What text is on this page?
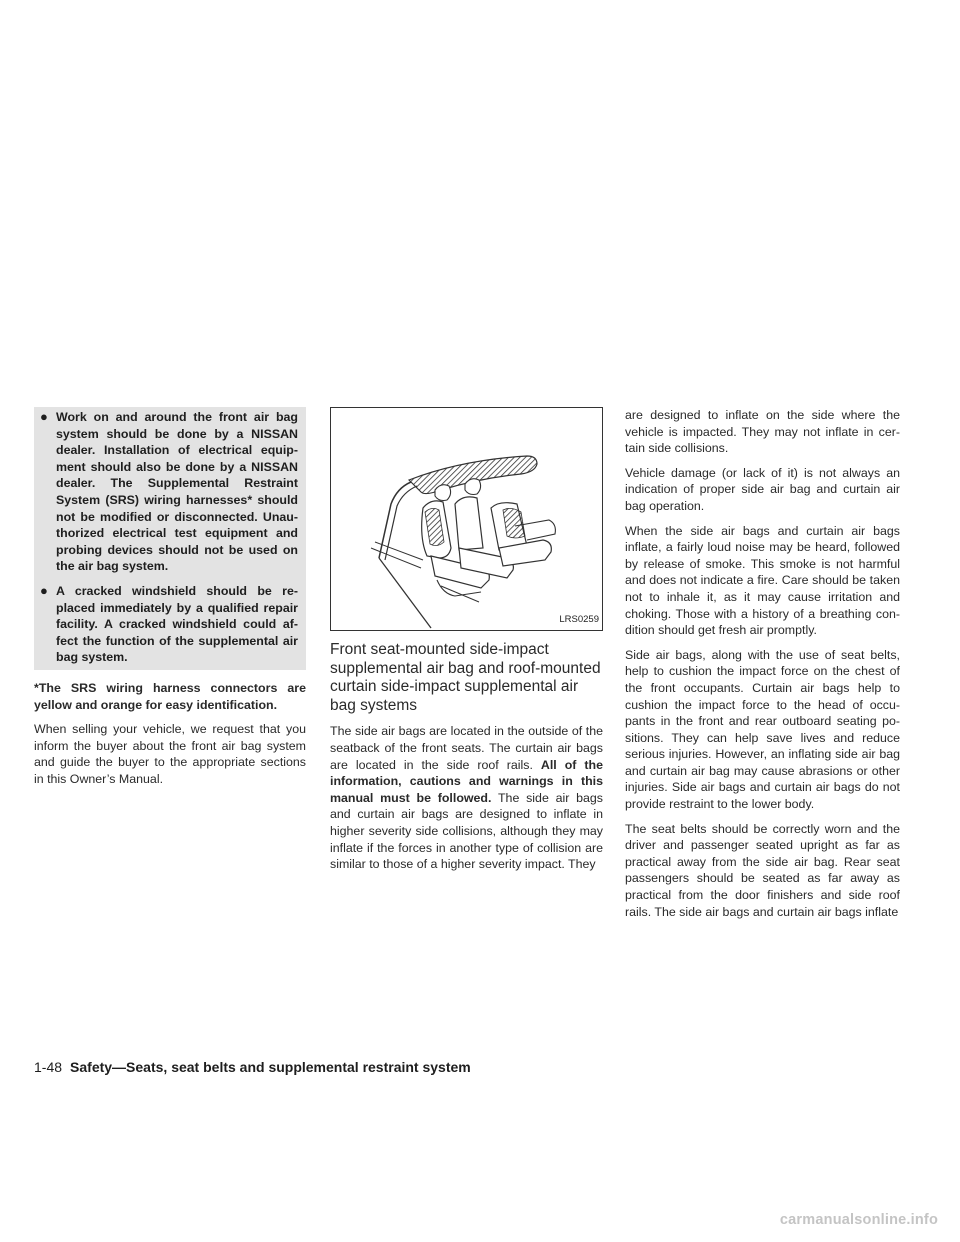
● Work on and around the front air bag system should be done by a NISSAN dealer. Installation of electrical equip-ment should also be done by a NISSAN dealer. The Supplemental Restraint System (SRS) wiring harnesses* should not be modified or disconnected. Unau-thorized electrical test equipment and probing devices should not be used on the air bag system.
● A cracked windshield should be re-placed immediately by a qualified repair facility. A cracked windshield could af-fect the function of the supplemental air bag system.

*The SRS wiring harness connectors are yellow and orange for easy identification.

When selling your vehicle, we request that you inform the buyer about the front air bag system and guide the buyer to the appropriate sections in this Owner’s Manual.

LRS0259
Front seat-mounted side-impact supplemental air bag and roof-mounted curtain side-impact supplemental air bag systems

The side air bags are located in the outside of the seatback of the front seats. The curtain air bags are located in the side roof rails. All of the information, cautions and warnings in this manual must be followed. The side air bags and curtain air bags are designed to inflate in higher severity side collisions, although they may inflate if the forces in another type of collision are similar to those of a higher severity impact. They

are designed to inflate on the side where the vehicle is impacted. They may not inflate in cer-tain side collisions.

Vehicle damage (or lack of it) is not always an indication of proper side air bag and curtain air bag operation.

When the side air bags and curtain air bags inflate, a fairly loud noise may be heard, followed by release of smoke. This smoke is not harmful and does not indicate a fire. Care should be taken not to inhale it, as it may cause irritation and choking. Those with a history of a breathing con-dition should get fresh air promptly.

Side air bags, along with the use of seat belts, help to cushion the impact force on the chest of the front occupants. Curtain air bags help to cushion the impact force to the head of occu-pants in the front and rear outboard seating po-sitions. They can help save lives and reduce serious injuries. However, an inflating side air bag and curtain air bag may cause abrasions or other injuries. Side air bags and curtain air bags do not provide restraint to the lower body.

The seat belts should be correctly worn and the driver and passenger seated upright as far as practical away from the side air bag. Rear seat passengers should be seated as far away as practical from the door finishers and side roof rails. The side air bags and curtain air bags inflate

1-48 Safety—Seats, seat belts and supplemental restraint system
carmanualsonline.info
